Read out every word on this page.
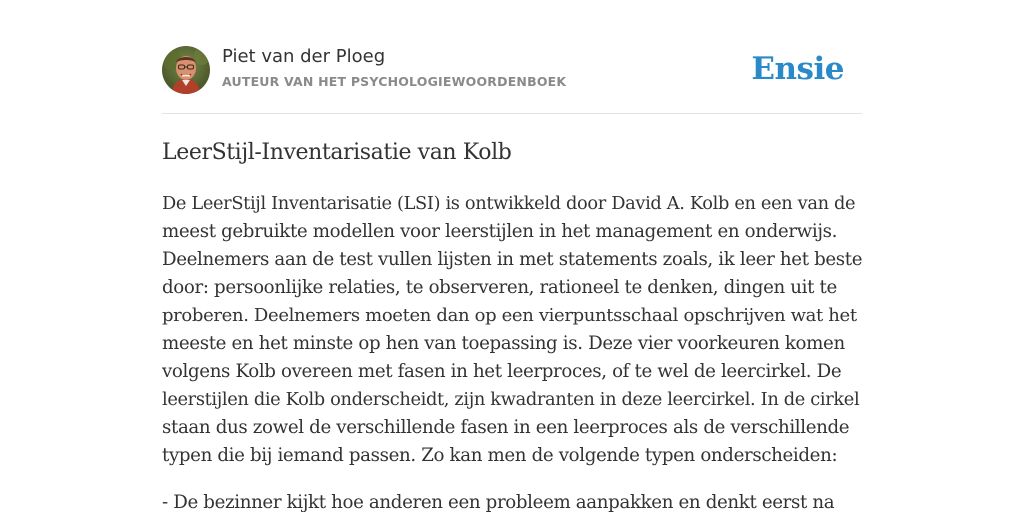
Piet van der Ploeg
AUTEUR VAN HET PSYCHOLOGIEWOORDENBOEK	Ensie
LeerStijl-Inventarisatie van Kolb

De LeerStijl Inventarisatie (LSI) is ontwikkeld door David A. Kolb en een van de
meest gebruikte modellen voor leerstijlen in het management en onderwijs.
Deelnemers aan de test vullen lijsten in met statements zoals, ik leer het beste
door: persoonlijke relaties, te observeren, rationeel te denken, dingen uit te
proberen. Deelnemers moeten dan op een vierpuntsschaal opschrijven wat het
meeste en het minste op hen van toepassing is. Deze vier voorkeuren komen
volgens Kolb overeen met fasen in het leerproces, of te wel de leercirkel. De
leerstijlen die Kolb onderscheidt, zijn kwadranten in deze leercirkel. In de cirkel
staan dus zowel de verschillende fasen in een leerproces als de verschillende
typen die bij iemand passen. Zo kan men de volgende typen onderscheiden:

- De bezinner kijkt hoe anderen een probleem aanpakken en denkt eerst na
